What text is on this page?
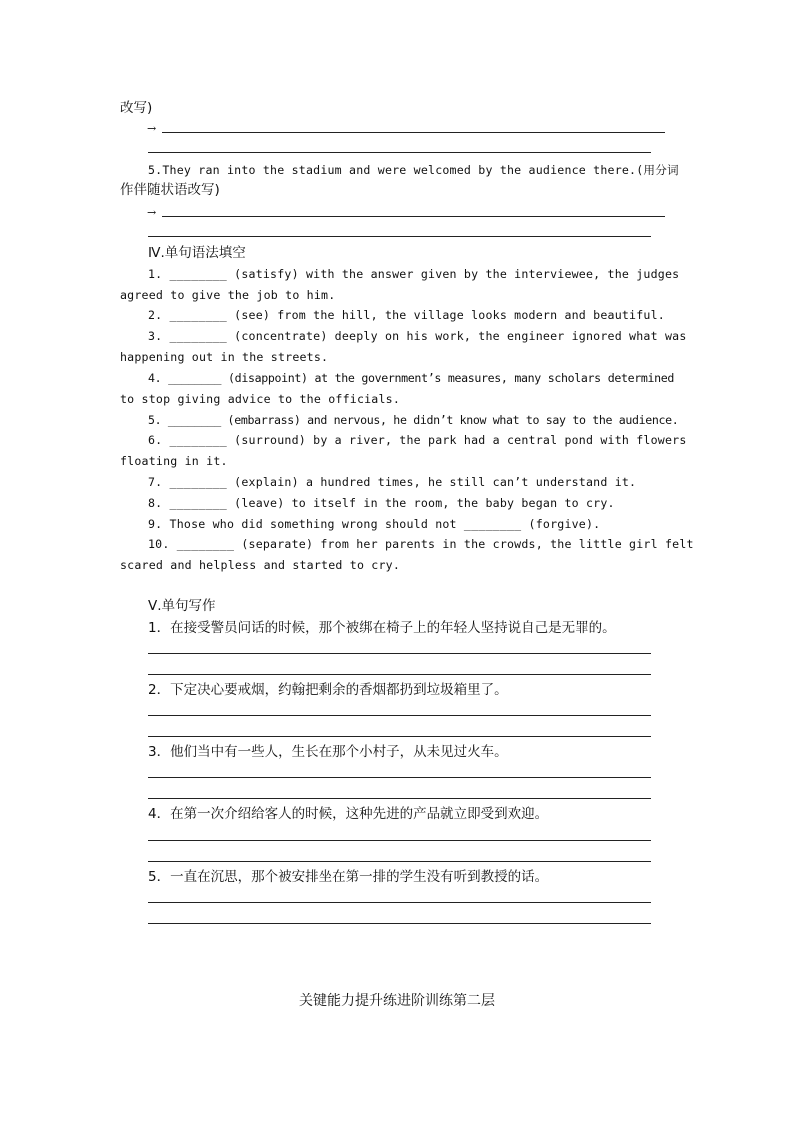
改写)
→
5.They ran into the stadium and were welcomed by the audience there.(用分词
作伴随状语改写)
→
Ⅳ.单句语法填空
1. ________ (satisfy) with the answer given by the interviewee, the judges
agreed to give the job to him.
2. ________ (see) from the hill, the village looks modern and beautiful.
3. ________ (concentrate) deeply on his work, the engineer ignored what was
happening out in the streets.
4. ________ (disappoint) at the government’s measures, many scholars determined
to stop giving advice to the officials.
5. ________ (embarrass) and nervous, he didn’t know what to say to the audience.
6. ________ (surround) by a river, the park had a central pond with flowers
floating in it.
7. ________ (explain) a hundred times, he still can’t understand it.
8. ________ (leave) to itself in the room, the baby began to cry.
9. Those who did something wrong should not ________ (forgive).
10. ________ (separate) from her parents in the crowds, the little girl felt
scared and helpless and started to cry.
Ⅴ.单句写作
1．在接受警员问话的时候，那个被绑在椅子上的年轻人坚持说自己是无罪的。
2．下定决心要戒烟，约翰把剩余的香烟都扔到垃圾箱里了。
3．他们当中有一些人，生长在那个小村子，从未见过火车。
4．在第一次介绍给客人的时候，这种先进的产品就立即受到欢迎。
5．一直在沉思，那个被安排坐在第一排的学生没有听到教授的话。
关键能力提升练进阶训练第二层
